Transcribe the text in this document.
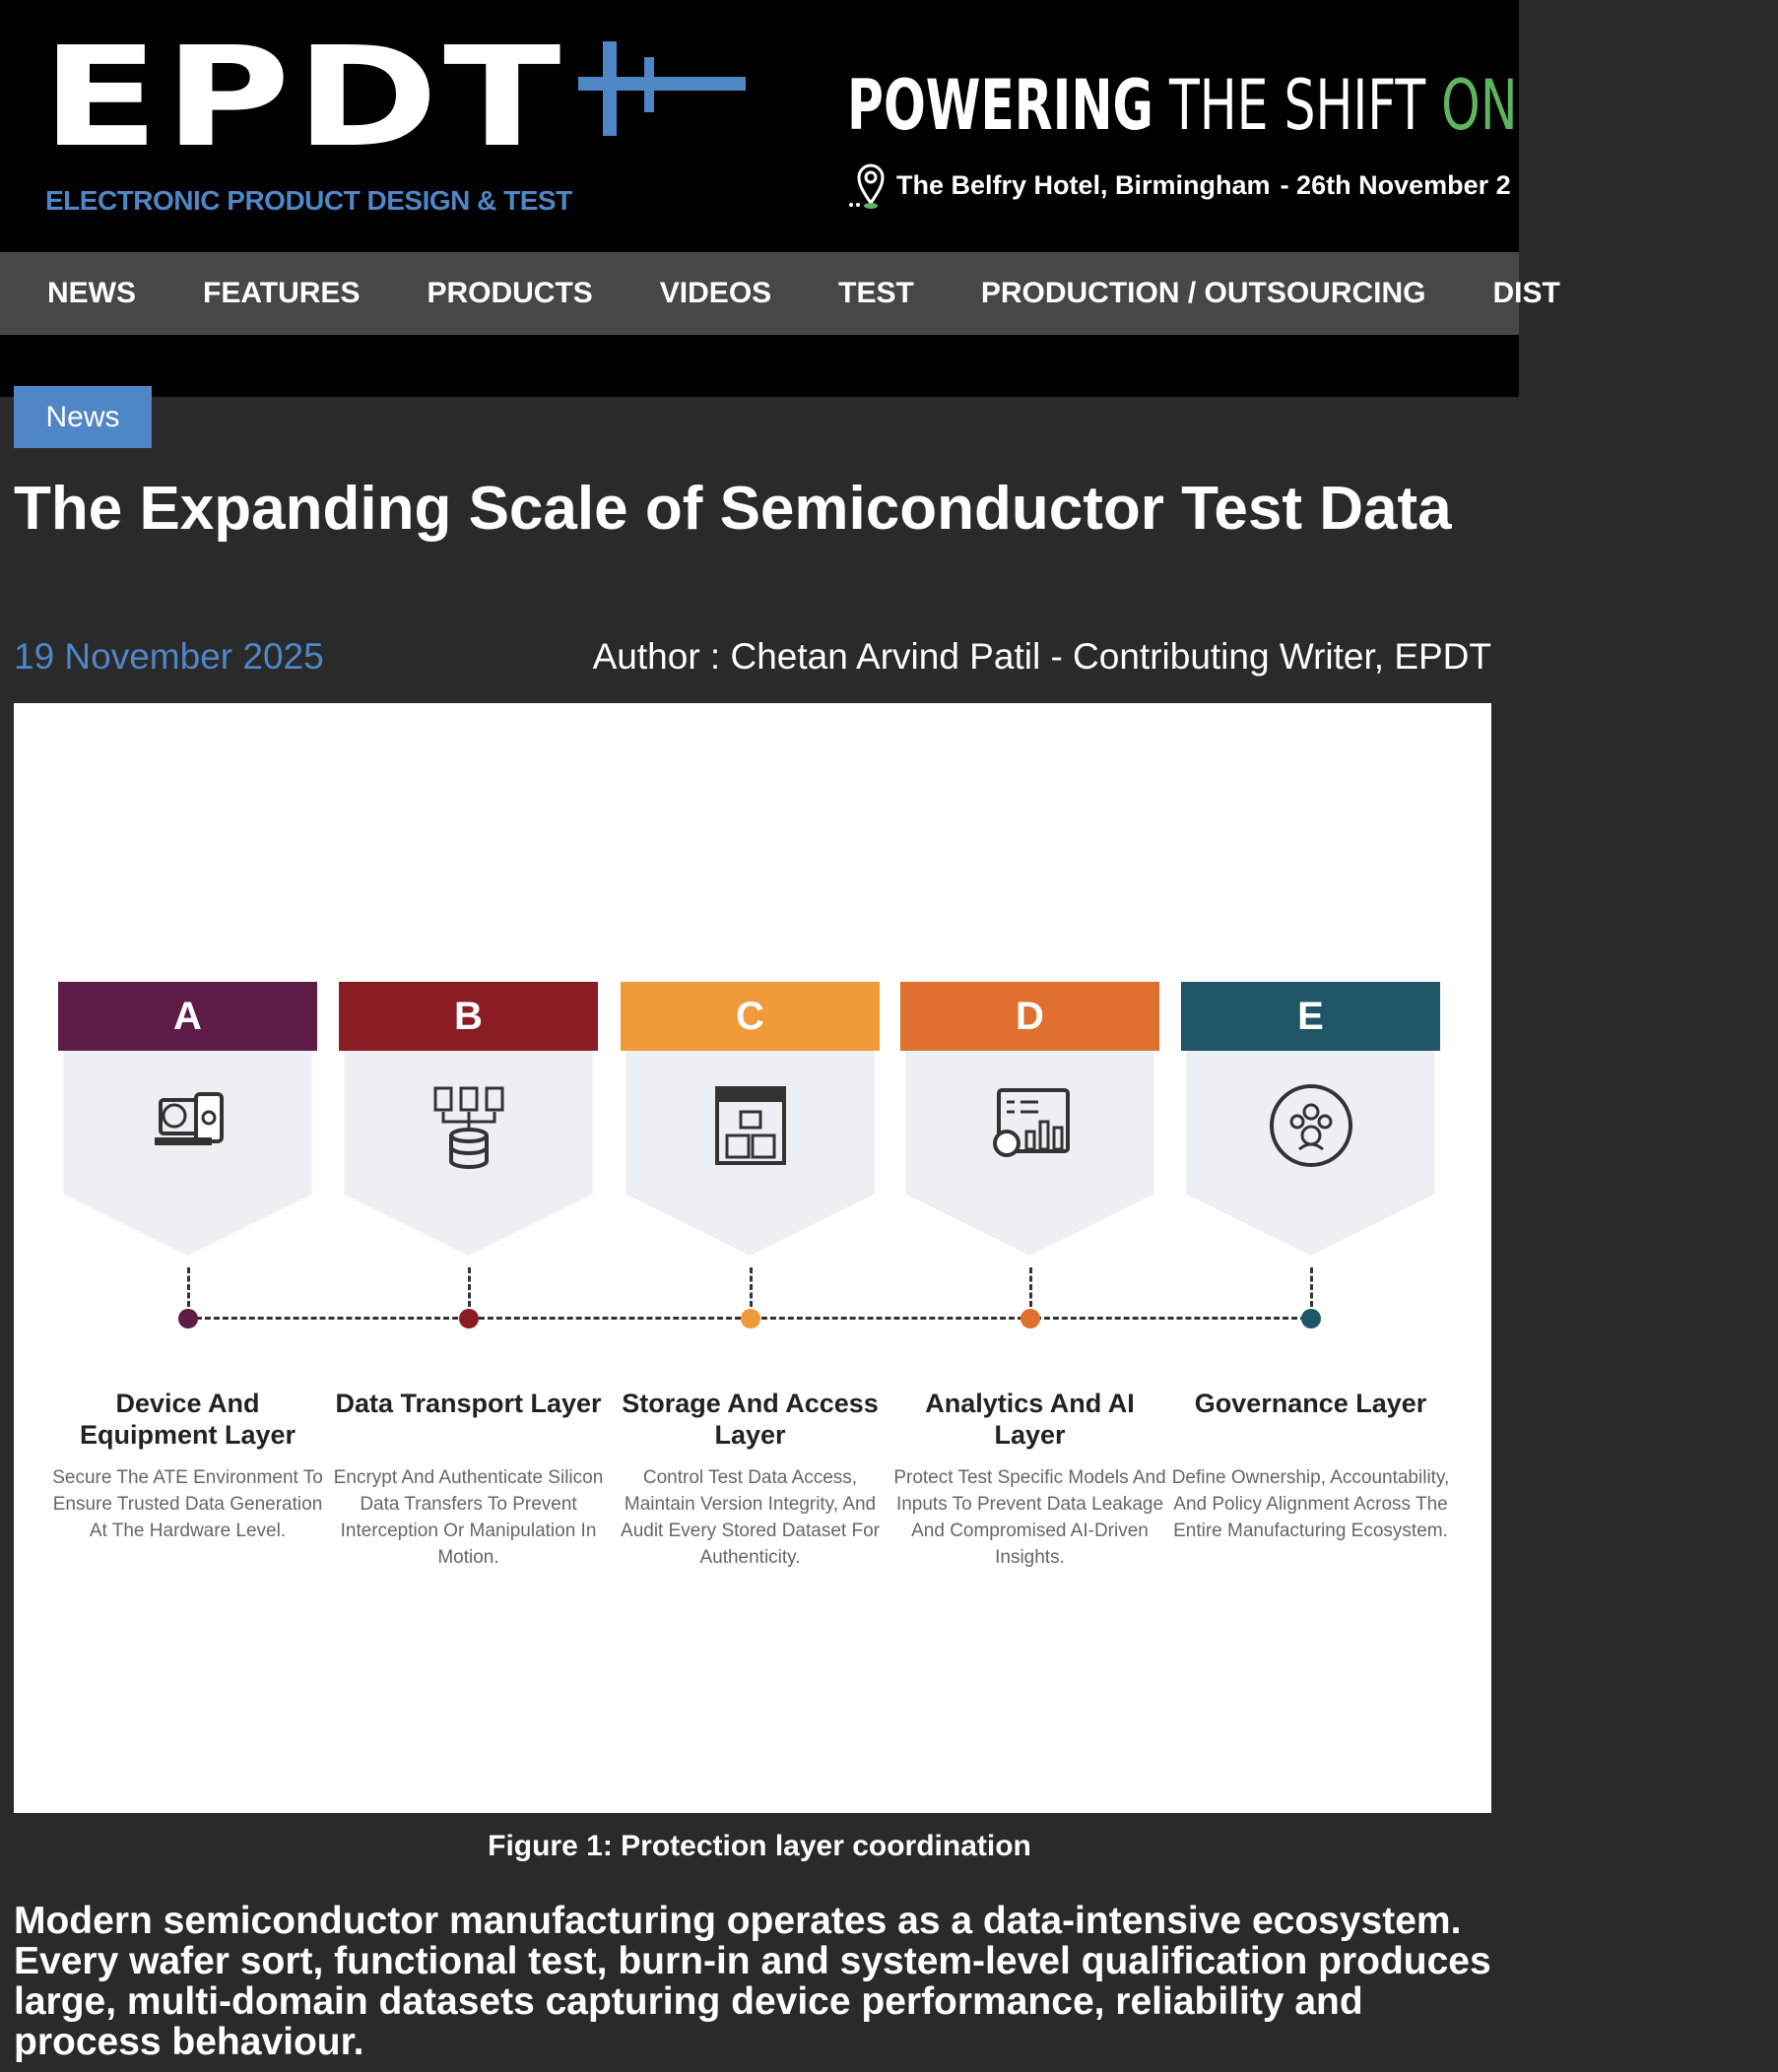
EPDT
ELECTRONIC PRODUCT DESIGN & TEST
POWERING THE SHIFT ON
The Belfry Hotel, Birmingham - 26th November 2
NEWS FEATURES PRODUCTS VIDEOS TEST PRODUCTION / OUTSOURCING DIST
News
The Expanding Scale of Semiconductor Test Data
19 November 2025	Author : Chetan Arvind Patil - Contributing Writer, EPDT
A
Device And Equipment Layer
Secure The ATE Environment To Ensure Trusted Data Generation At The Hardware Level.
B
Data Transport Layer
Encrypt And Authenticate Silicon Data Transfers To Prevent Interception Or Manipulation In Motion.
C
Storage And Access Layer
Control Test Data Access, Maintain Version Integrity, And Audit Every Stored Dataset For Authenticity.
D
Analytics And AI Layer
Protect Test Specific Models And Inputs To Prevent Data Leakage And Compromised AI-Driven Insights.
E
Governance Layer
Define Ownership, Accountability, And Policy Alignment Across The Entire Manufacturing Ecosystem.
Figure 1: Protection layer coordination

Modern semiconductor manufacturing operates as a data-intensive ecosystem. Every wafer sort, functional test, burn-in and system-level qualification produces large, multi-domain datasets capturing device performance, reliability and process behaviour.
